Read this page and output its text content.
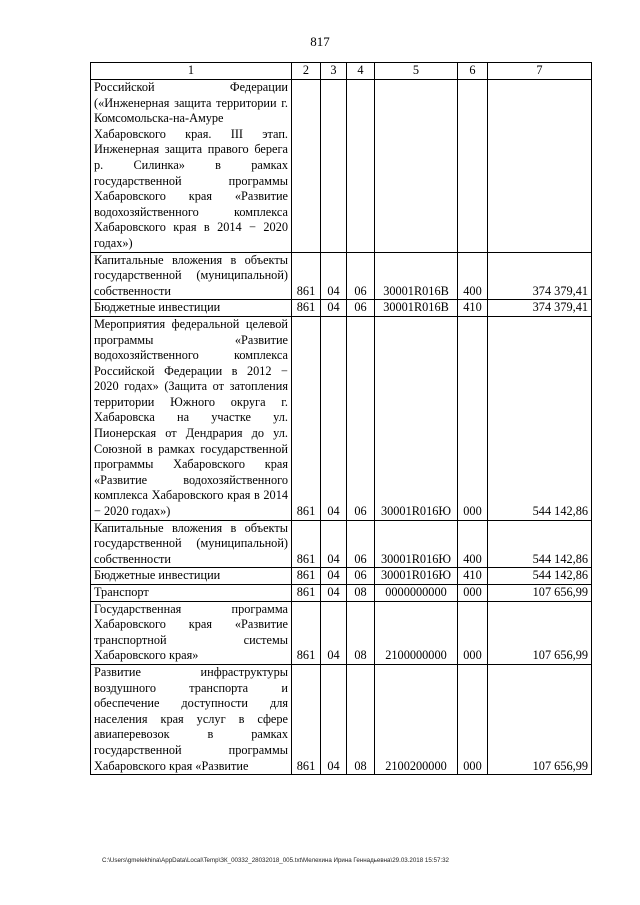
817
1	2	3	4	5	6	7
Российской Федерации («Инженерная защита территории г. Комсомольска-на-Амуре Хабаровского края. III этап. Инженерная защита правого берега р. Силинка» в рамках государственной программы Хабаровского края «Развитие водохозяйственного комплекса Хабаровского края в 2014 − 2020 годах»)						
Капитальные вложения в объекты государственной (муниципальной) собственности	861	04	06	30001R016В	400	374 379,41
Бюджетные инвестиции	861	04	06	30001R016В	410	374 379,41
Мероприятия федеральной целевой программы «Развитие водохозяйственного комплекса Российской Федерации в 2012 − 2020 годах» (Защита от затопления территории Южного округа г. Хабаровска на участке ул. Пионерская от Дендрария до ул. Союзной в рамках государственной программы Хабаровского края «Развитие водохозяйственного комплекса Хабаровского края в 2014 − 2020 годах»)	861	04	06	30001R016Ю	000	544 142,86
Капитальные вложения в объекты государственной (муниципальной) собственности	861	04	06	30001R016Ю	400	544 142,86
Бюджетные инвестиции	861	04	06	30001R016Ю	410	544 142,86
Транспорт	861	04	08	0000000000	000	107 656,99
Государственная программа Хабаровского края «Развитие транспортной системы Хабаровского края»	861	04	08	2100000000	000	107 656,99
Развитие инфраструктуры воздушного транспорта и обеспечение доступности для населения края услуг в сфере авиаперевозок в рамках государственной программы Хабаровского края «Развитие	861	04	08	2100200000	000	107 656,99
C:\Users\gmelekhina\AppData\Local\Temp\ЗК_00332_28032018_005.txt\Мелехина Ирина Геннадьевна\29.03.2018 15:57:32
